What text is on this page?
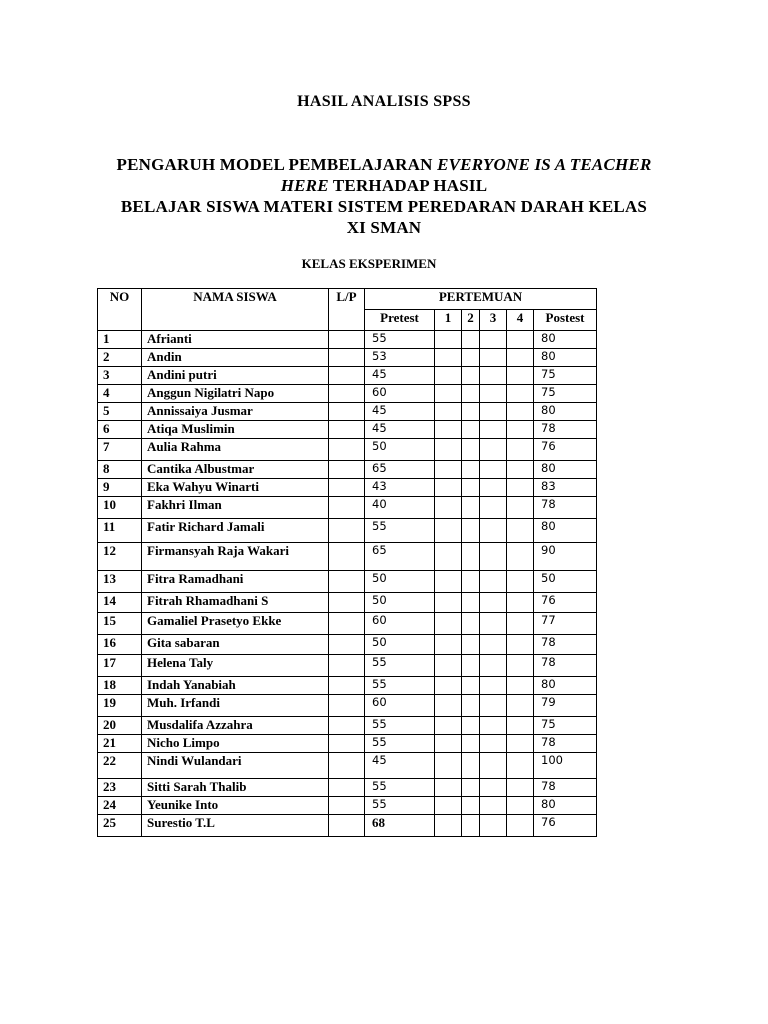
HASIL ANALISIS SPSS
PENGARUH MODEL PEMBELAJARAN EVERYONE IS A TEACHER
HERE TERHADAP HASIL
BELAJAR SISWA MATERI SISTEM PEREDARAN DARAH KELAS
XI SMAN
KELAS EKSPERIMEN
NO	NAMA SISWA	L/P	PERTEMUAN					
			Pretest	1	2	3	4	Postest
1	Afrianti		55					80
2	Andin		53					80
3	Andini putri		45					75
4	Anggun Nigilatri Napo		60					75
5	Annissaiya Jusmar		45					80
6	Atiqa Muslimin		45					78
7	Aulia Rahma		50					76
8	Cantika Albustmar		65					80
9	Eka Wahyu Winarti		43					83
10	Fakhri Ilman		40					78
11	Fatir Richard Jamali		55					80
12	Firmansyah Raja Wakari		65					90
13	Fitra Ramadhani		50					50
14	Fitrah Rhamadhani S		50					76
15	Gamaliel Prasetyo Ekke		60					77
16	Gita sabaran		50					78
17	Helena Taly		55					78
18	Indah Yanabiah		55					80
19	Muh. Irfandi		60					79
20	Musdalifa Azzahra		55					75
21	Nicho Limpo		55					78
22	Nindi Wulandari		45					100
23	Sitti Sarah Thalib		55					78
24	Yeunike Into		55					80
25	Surestio T.L		68					76
